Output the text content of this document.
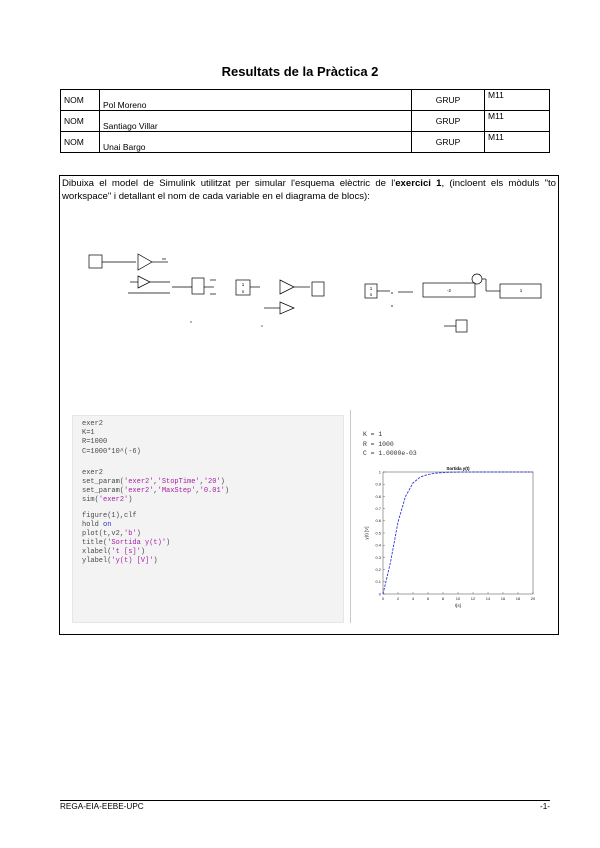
Resultats de la Pràctica 2
NOM	Pol Moreno	GRUP	M11
NOM	Santiago Villar	GRUP	M11
NOM	Unai Bargo	GRUP	M11
Dibuixa el model de Simulink utilitzat per simular l'esquema elèctric de l'exercici 1, (incloent els mòduls "to workspace" i detallant el nom de cada variable en el diagrama de blocs):
1
s
1
s
-2	1
exer2
K=1
R=1000
C=1000*10^(-6)
exer2
set_param('exer2','StopTime','20')
set_param('exer2','MaxStep','0.01')
sim('exer2')
figure(1),clf
hold on
plot(t,v2,'b')
title('Sortida y(t)')
xlabel('t [s]')
ylabel('y(t) [V]')
K = 1
R = 1000
C = 1.0000e-03
0	2	4	6	8	10	12	14	16	18	20
0
0.1
0.2
0.3
0.4
0.5
0.6
0.7
0.8
0.9
1
Sortida y(t)
t[s]
y(t) [V]
REGA-EIA-EEBE-UPC	-1-
